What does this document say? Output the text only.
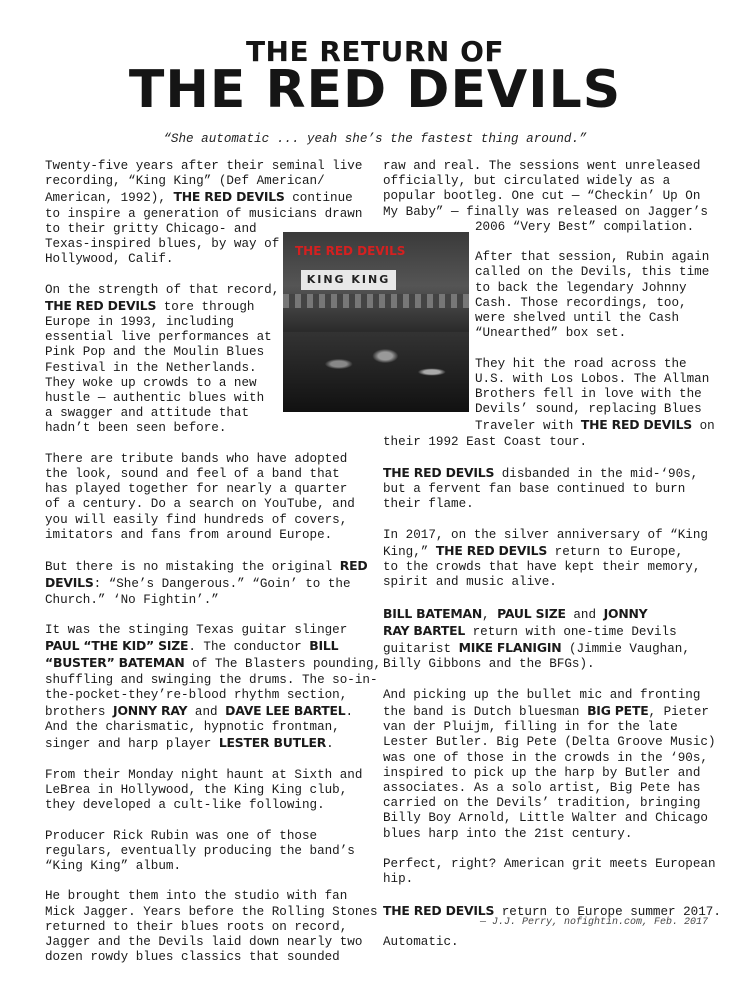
THE RETURN OF
THE RED DEVILS
“She automatic ... yeah she’s the fastest thing around.”
THE RED DEVILS
KING KING

Twenty-five years after their seminal live
recording, “King King” (Def American/
American, 1992), THE RED DEVILS continue
to inspire a generation of musicians drawn
to their gritty Chicago- and
Texas-inspired blues, by way of
Hollywood, Calif.

On the strength of that record,
THE RED DEVILS tore through
Europe in 1993, including
essential live performances at
Pink Pop and the Moulin Blues
Festival in the Netherlands.
They woke up crowds to a new
hustle — authentic blues with
a swagger and attitude that
hadn’t been seen before.

There are tribute bands who have adopted
the look, sound and feel of a band that
has played together for nearly a quarter
of a century. Do a search on YouTube, and
you will easily find hundreds of covers,
imitators and fans from around Europe.

But there is no mistaking the original RED
DEVILS: “She’s Dangerous.” “Goin’ to the
Church.” ‘No Fightin’.”

It was the stinging Texas guitar slinger
PAUL “THE KID” SIZE. The conductor BILL
“BUSTER” BATEMAN of The Blasters pounding,
shuffling and swinging the drums. The so-in-
the-pocket-they’re-blood rhythm section,
brothers JONNY RAY and DAVE LEE BARTEL.
And the charismatic, hypnotic frontman,
singer and harp player LESTER BUTLER.

From their Monday night haunt at Sixth and
LeBrea in Hollywood, the King King club,
they developed a cult-like following.

Producer Rick Rubin was one of those
regulars, eventually producing the band’s
“King King” album.

He brought them into the studio with fan
Mick Jagger. Years before the Rolling Stones
returned to their blues roots on record,
Jagger and the Devils laid down nearly two
dozen rowdy blues classics that sounded

raw and real. The sessions went unreleased
officially, but circulated widely as a
popular bootleg. One cut — “Checkin’ Up On
My Baby” — finally was released on Jagger’s
2006 “Very Best” compilation.

After that session, Rubin again
called on the Devils, this time
to back the legendary Johnny
Cash. Those recordings, too,
were shelved until the Cash
“Unearthed” box set.

They hit the road across the
U.S. with Los Lobos. The Allman
Brothers fell in love with the
Devils’ sound, replacing Blues
Traveler with THE RED DEVILS on
their 1992 East Coast tour.

THE RED DEVILS disbanded in the mid-‘90s,
but a fervent fan base continued to burn
their flame.

In 2017, on the silver anniversary of “King
King,” THE RED DEVILS return to Europe,
to the crowds that have kept their memory,
spirit and music alive.

BILL BATEMAN, PAUL SIZE and JONNY
RAY BARTEL return with one-time Devils
guitarist MIKE FLANIGIN (Jimmie Vaughan,
Billy Gibbons and the BFGs).

And picking up the bullet mic and fronting
the band is Dutch bluesman BIG PETE, Pieter
van der Pluijm, filling in for the late
Lester Butler. Big Pete (Delta Groove Music)
was one of those in the crowds in the ‘90s,
inspired to pick up the harp by Butler and
associates. As a solo artist, Big Pete has
carried on the Devils’ tradition, bringing
Billy Boy Arnold, Little Walter and Chicago
blues harp into the 21st century.

Perfect, right? American grit meets European
hip.

THE RED DEVILS return to Europe summer 2017.

Automatic.

— J.J. Perry, nofightin.com, Feb. 2017
